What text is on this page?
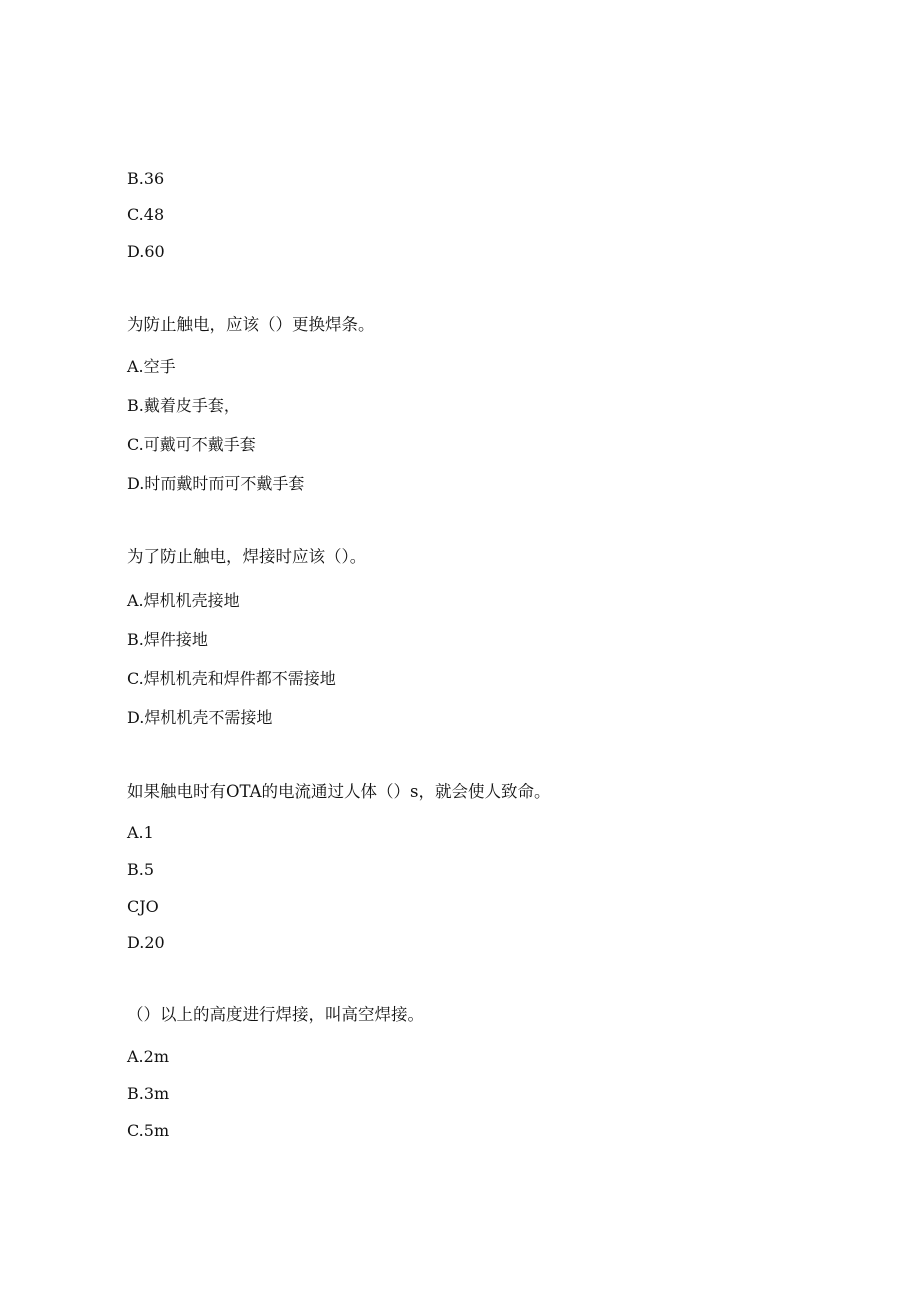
B.36
C.48
D.60
为防止触电，应该（）更换焊条。
A.空手
B.戴着皮手套，
C.可戴可不戴手套
D.时而戴时而可不戴手套
为了防止触电，焊接时应该（）。
A.焊机机壳接地
B.焊件接地
C.焊机机壳和焊件都不需接地
D.焊机机壳不需接地
如果触电时有OTA的电流通过人体（）s，就会使人致命。
A.1
B.5
CJO
D.20
（）以上的高度进行焊接，叫高空焊接。
A.2m
B.3m
C.5m
